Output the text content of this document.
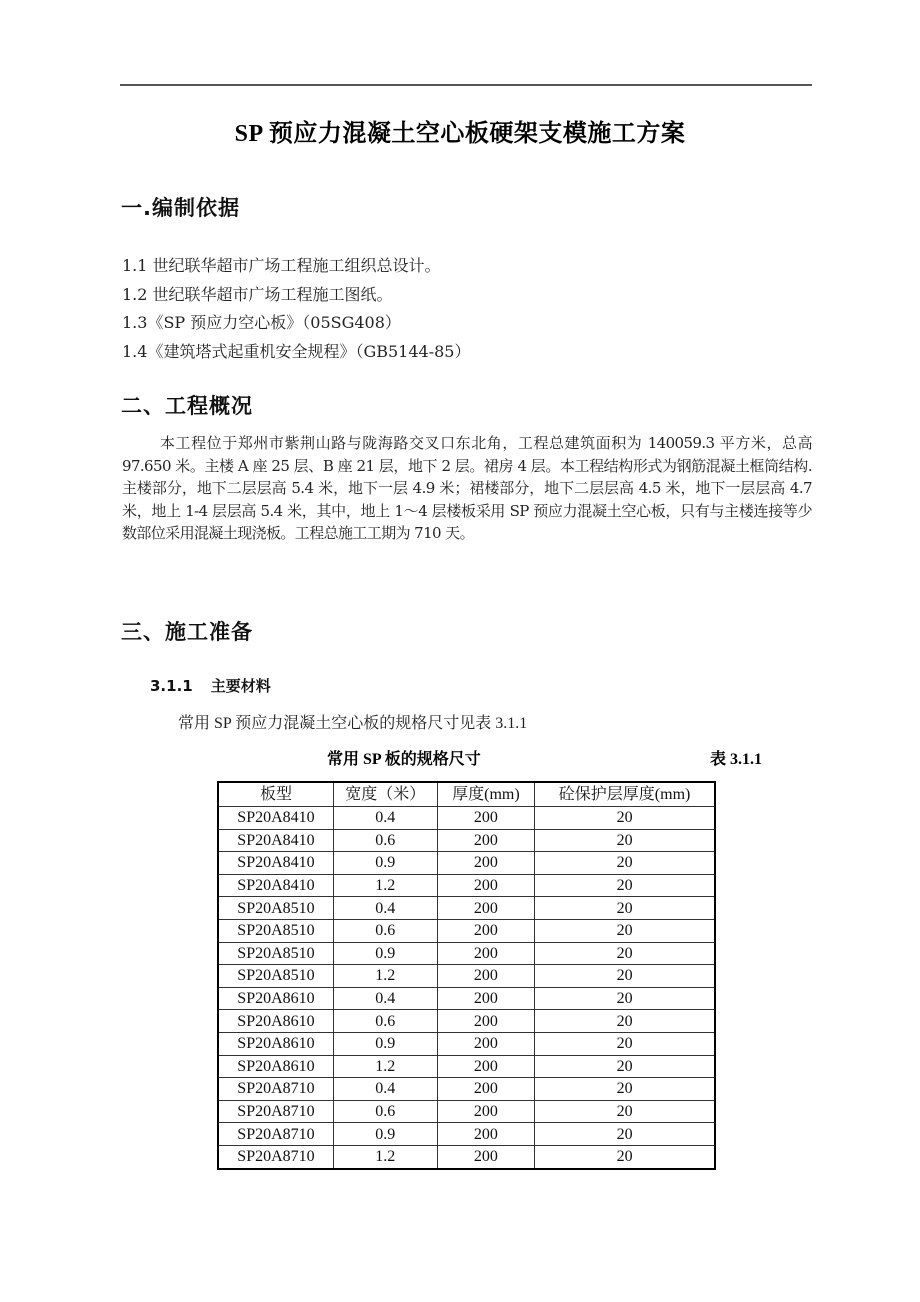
SP 预应力混凝土空心板硬架支模施工方案
一.编制依据
1.1 世纪联华超市广场工程施工组织总设计。
1.2 世纪联华超市广场工程施工图纸。
1.3《SP 预应力空心板》（05SG408）
1.4《建筑塔式起重机安全规程》（GB5144-85）
二、工程概况

本工程位于郑州市紫荆山路与陇海路交叉口东北角，工程总建筑面积为 140059.3 平方米，总高 97.650 米。主楼 A 座 25 层、B 座 21 层，地下 2 层。裙房 4 层。本工程结构形式为钢筋混凝土框筒结构.主楼部分，地下二层层高 5.4 米，地下一层 4.9 米；裙楼部分，地下二层层高 4.5 米，地下一层层高 4.7 米，地上 1-4 层层高 5.4 米，其中，地上 1～4 层楼板采用 SP 预应力混凝土空心板，只有与主楼连接等少数部位采用混凝土现浇板。工程总施工工期为 710 天。

三、施工准备
3.1.1 主要材料
常用 SP 预应力混凝土空心板的规格尺寸见表 3.1.1
常用 SP 板的规格尺寸	表 3.1.1
板型	宽度（米）	厚度(mm)	砼保护层厚度(mm)
SP20A8410	0.4	200	20
SP20A8410	0.6	200	20
SP20A8410	0.9	200	20
SP20A8410	1.2	200	20
SP20A8510	0.4	200	20
SP20A8510	0.6	200	20
SP20A8510	0.9	200	20
SP20A8510	1.2	200	20
SP20A8610	0.4	200	20
SP20A8610	0.6	200	20
SP20A8610	0.9	200	20
SP20A8610	1.2	200	20
SP20A8710	0.4	200	20
SP20A8710	0.6	200	20
SP20A8710	0.9	200	20
SP20A8710	1.2	200	20
